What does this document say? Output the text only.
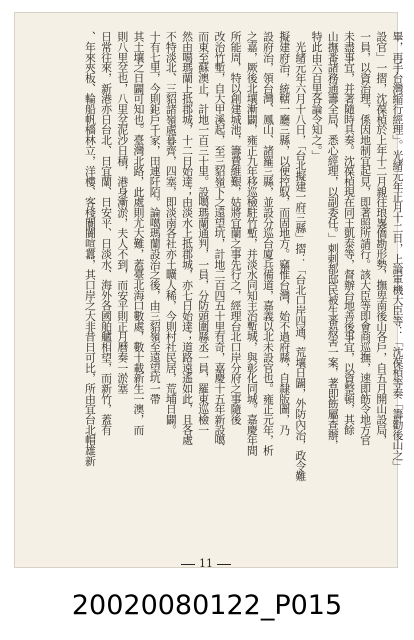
畢，再手台灣縮行經理」。光緒元年正月十二日，上論軍機大臣等：「沈葆楨等奏「籌勸後山之」
設官」一摺，沈葆楨於上年十二月親往琅㠢僑勘形勢，撫卑南後山各戶，自五月開山設局，
一員，以資治理，係因地制宜起見，即著照所請行。該大臣等即會商巡撫，速即飭令地方官
未盡事宜，并著隨時具奏。沈葆楨現在同王凱泰等，督辦台地善後事宜，以資整頓，其餘
山撫番諸務通籌全局，悉心經理，以副委任。」刺剌都邸民被生番殺害一案，著即飭屬查辦，
特此由六百里各論令知之。」
　光緒元年六月十八日，「台北擬建一府三縣」摺：「台北口岸四通，荒壤日闢，外防內治，政令難
擬建府治，統轄一廳三縣，以便控馭，而固地方。竊惟台灣，始不過府縣，自隸版圖，乃
設府治，領台灣、鳳山、諸羅三縣，並設分巡台廈兵備道，嘉義以北未設官也。雍正元年，析
之嘉，厥後北壤漸闢，雍正九年移巡檢駐竹塹，并淡水同知主治塹城，與彰化同城。嘉慶年間
所能周，特以創建城池，籌費維艱，姑將宜蘭之事先行之，經理台北口岸分府之事隨後
改治竹塹，自大甲溪起，至三貂嶺下之遠望坑，計地二百四五十里有奇，嘉慶十五年新設噶
而東至蘇澳止，計地一百三十里。設噶瑪蘭通判，一員，分防頭圍縣丞一員，羅東巡檢一
然由噶瑪蘭上抵郡城，十二日始達；由淡水上抵郡城，亦七日始達；道路遠遙如此，且各處
不特淡北、三貂諸嶺處暮齊，四塞，即淡南各社亦土曠人稀，今則村社民居，荒埔日闢。
十有七里，今則鉅戶千家，田連阡陌。論噶瑪蘭設治之後，由三貂嶺至遠望坑一帶
其土壤之日闢可知也。臺灣北路，此處則尤大難，蓋臺北海口數處，數十載新生一澳，而
則八里坌也，八里坌泥沙日積，港身漸淤，夫人不到，而安平則正月曆奏一淤塞
日常往來，新港亦日台北、日宜蘭、日安平、日淡水、海外各國舶艫相望，而新竹，蓋有
、年來夾板、輪船帆檣林立，洋樓、客棧闤闠喧囂，其口岸之大非昔日可比，所由宜台北帽雄新
11
20020080122_P015
